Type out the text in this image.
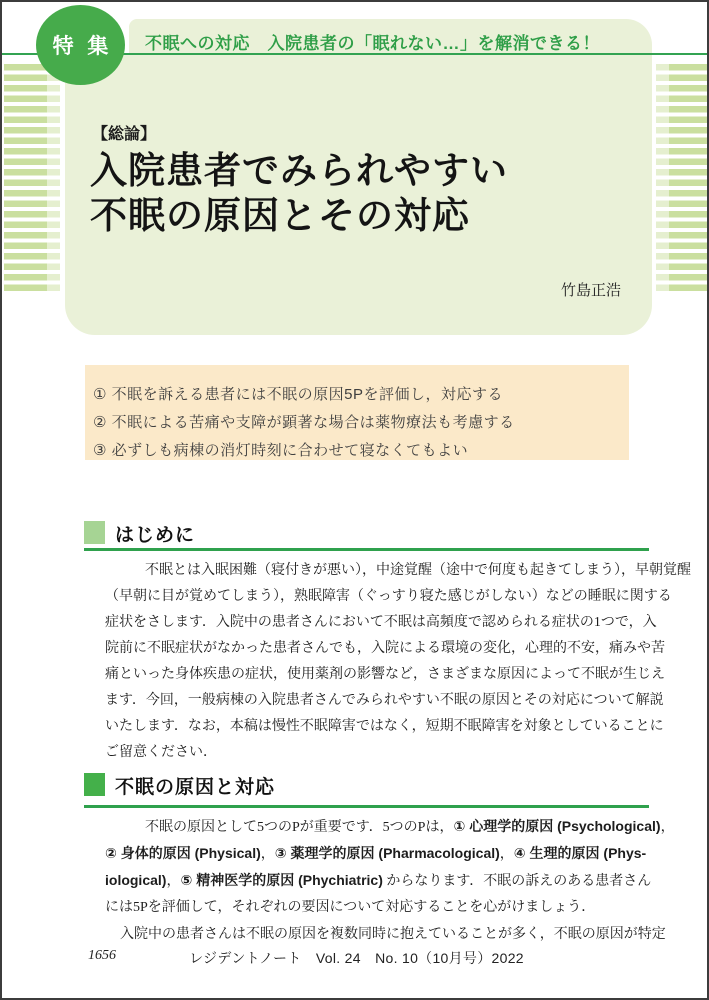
不眠への対応　入院患者の「眠れない…」を解消できる！
特 集
【総論】
入院患者でみられやすい
不眠の原因とその対応
竹島正浩
① 不眠を訴える患者には不眠の原因5Pを評価し，対応する
② 不眠による苦痛や支障が顕著な場合は薬物療法も考慮する
③ 必ずしも病棟の消灯時刻に合わせて寝なくてもよい
はじめに
不眠とは入眠困難（寝付きが悪い），中途覚醒（途中で何度も起きてしまう），早朝覚醒
（早朝に目が覚めてしまう），熟眠障害（ぐっすり寝た感じがしない）などの睡眠に関する
症状をさします．入院中の患者さんにおいて不眠は高頻度で認められる症状の1つで，入
院前に不眠症状がなかった患者さんでも，入院による環境の変化，心理的不安，痛みや苦
痛といった身体疾患の症状，使用薬剤の影響など，さまざまな原因によって不眠が生じえ
ます．今回，一般病棟の入院患者さんでみられやすい不眠の原因とその対応について解説
いたします．なお，本稿は慢性不眠障害ではなく，短期不眠障害を対象としていることに
ご留意ください．
不眠の原因と対応
不眠の原因として5つのPが重要です．5つのPは，① 心理学的原因 (Psychological)，
② 身体的原因 (Physical)，③ 薬理学的原因 (Pharmacological)，④ 生理的原因 (Phys-
iological)，⑤ 精神医学的原因 (Phychiatric) からなります．不眠の訴えのある患者さん
には5Pを評価して，それぞれの要因について対応することを心がけましょう．
入院中の患者さんは不眠の原因を複数同時に抱えていることが多く，不眠の原因が特定
1656	レジデントノート　Vol. 24　No. 10（10月号）2022
